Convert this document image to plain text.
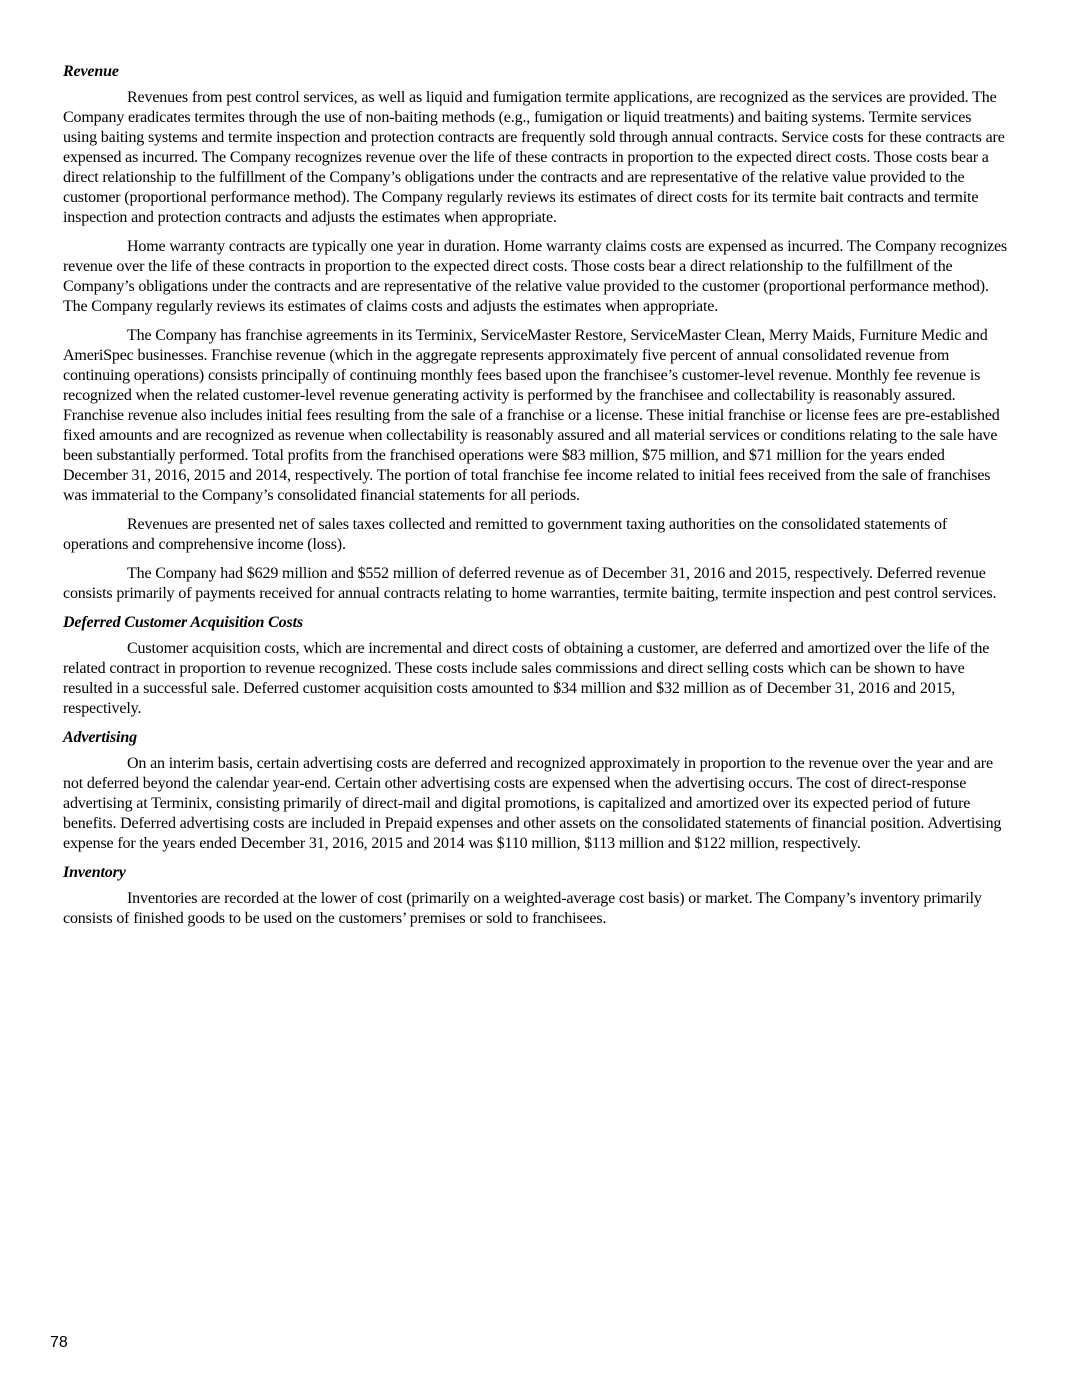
Revenue

Revenues from pest control services, as well as liquid and fumigation termite applications, are recognized as the services are provided. The Company eradicates termites through the use of non-baiting methods (e.g., fumigation or liquid treatments) and baiting systems. Termite services using baiting systems and termite inspection and protection contracts are frequently sold through annual contracts. Service costs for these contracts are expensed as incurred. The Company recognizes revenue over the life of these contracts in proportion to the expected direct costs. Those costs bear a direct relationship to the fulfillment of the Company’s obligations under the contracts and are representative of the relative value provided to the customer (proportional performance method). The Company regularly reviews its estimates of direct costs for its termite bait contracts and termite inspection and protection contracts and adjusts the estimates when appropriate.

Home warranty contracts are typically one year in duration. Home warranty claims costs are expensed as incurred. The Company recognizes revenue over the life of these contracts in proportion to the expected direct costs. Those costs bear a direct relationship to the fulfillment of the Company’s obligations under the contracts and are representative of the relative value provided to the customer (proportional performance method). The Company regularly reviews its estimates of claims costs and adjusts the estimates when appropriate.

The Company has franchise agreements in its Terminix, ServiceMaster Restore, ServiceMaster Clean, Merry Maids, Furniture Medic and AmeriSpec businesses. Franchise revenue (which in the aggregate represents approximately five percent of annual consolidated revenue from continuing operations) consists principally of continuing monthly fees based upon the franchisee’s customer-level revenue. Monthly fee revenue is recognized when the related customer-level revenue generating activity is performed by the franchisee and collectability is reasonably assured. Franchise revenue also includes initial fees resulting from the sale of a franchise or a license. These initial franchise or license fees are pre-established fixed amounts and are recognized as revenue when collectability is reasonably assured and all material services or conditions relating to the sale have been substantially performed. Total profits from the franchised operations were $83 million, $75 million, and $71 million for the years ended December 31, 2016, 2015 and 2014, respectively. The portion of total franchise fee income related to initial fees received from the sale of franchises was immaterial to the Company’s consolidated financial statements for all periods.

Revenues are presented net of sales taxes collected and remitted to government taxing authorities on the consolidated statements of operations and comprehensive income (loss).

The Company had $629 million and $552 million of deferred revenue as of December 31, 2016 and 2015, respectively. Deferred revenue consists primarily of payments received for annual contracts relating to home warranties, termite baiting, termite inspection and pest control services.

Deferred Customer Acquisition Costs

Customer acquisition costs, which are incremental and direct costs of obtaining a customer, are deferred and amortized over the life of the related contract in proportion to revenue recognized. These costs include sales commissions and direct selling costs which can be shown to have resulted in a successful sale. Deferred customer acquisition costs amounted to $34 million and $32 million as of December 31, 2016 and 2015, respectively.

Advertising

On an interim basis, certain advertising costs are deferred and recognized approximately in proportion to the revenue over the year and are not deferred beyond the calendar year-end. Certain other advertising costs are expensed when the advertising occurs. The cost of direct-response advertising at Terminix, consisting primarily of direct-mail and digital promotions, is capitalized and amortized over its expected period of future benefits. Deferred advertising costs are included in Prepaid expenses and other assets on the consolidated statements of financial position. Advertising expense for the years ended December 31, 2016, 2015 and 2014 was $110 million, $113 million and $122 million, respectively.

Inventory

Inventories are recorded at the lower of cost (primarily on a weighted-average cost basis) or market. The Company’s inventory primarily consists of finished goods to be used on the customers’ premises or sold to franchisees.

78
